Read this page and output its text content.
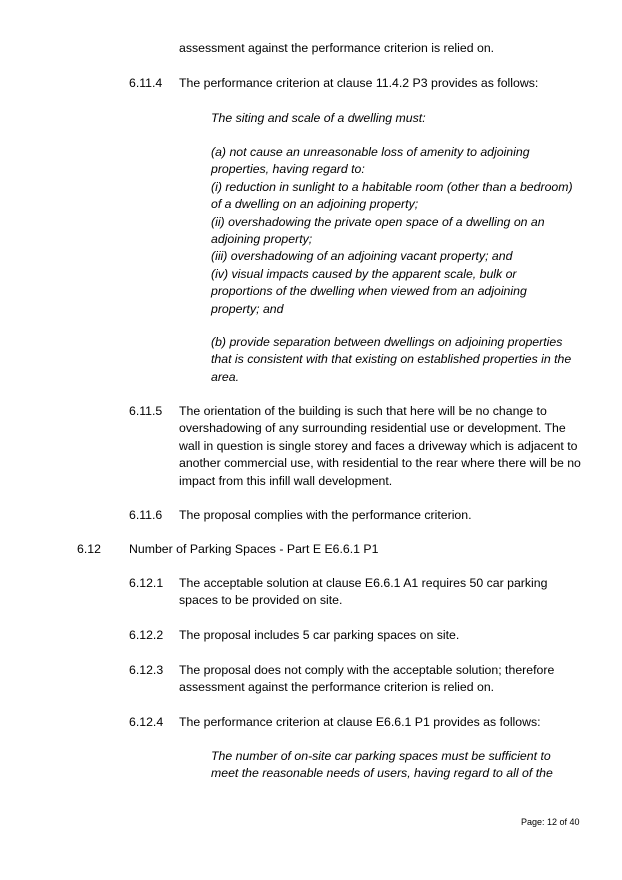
assessment against the performance criterion is relied on.
6.11.4 The performance criterion at clause 11.4.2 P3 provides as follows:
The siting and scale of a dwelling must:
(a) not cause an unreasonable loss of amenity to adjoining
properties, having regard to:
(i) reduction in sunlight to a habitable room (other than a bedroom)
of a dwelling on an adjoining property;
(ii) overshadowing the private open space of a dwelling on an
adjoining property;
(iii) overshadowing of an adjoining vacant property; and
(iv) visual impacts caused by the apparent scale, bulk or
proportions of the dwelling when viewed from an adjoining
property; and
(b) provide separation between dwellings on adjoining properties
that is consistent with that existing on established properties in the
area.
6.11.5 The orientation of the building is such that here will be no change to
overshadowing of any surrounding residential use or development. The
wall in question is single storey and faces a driveway which is adjacent to
another commercial use, with residential to the rear where there will be no
impact from this infill wall development.
6.11.6 The proposal complies with the performance criterion.
6.12 Number of Parking Spaces - Part E E6.6.1 P1
6.12.1 The acceptable solution at clause E6.6.1 A1 requires 50 car parking
spaces to be provided on site.
6.12.2 The proposal includes 5 car parking spaces on site.
6.12.3 The proposal does not comply with the acceptable solution; therefore
assessment against the performance criterion is relied on.
6.12.4 The performance criterion at clause E6.6.1 P1 provides as follows:
The number of on-site car parking spaces must be sufficient to
meet the reasonable needs of users, having regard to all of the
Page: 12 of 40
